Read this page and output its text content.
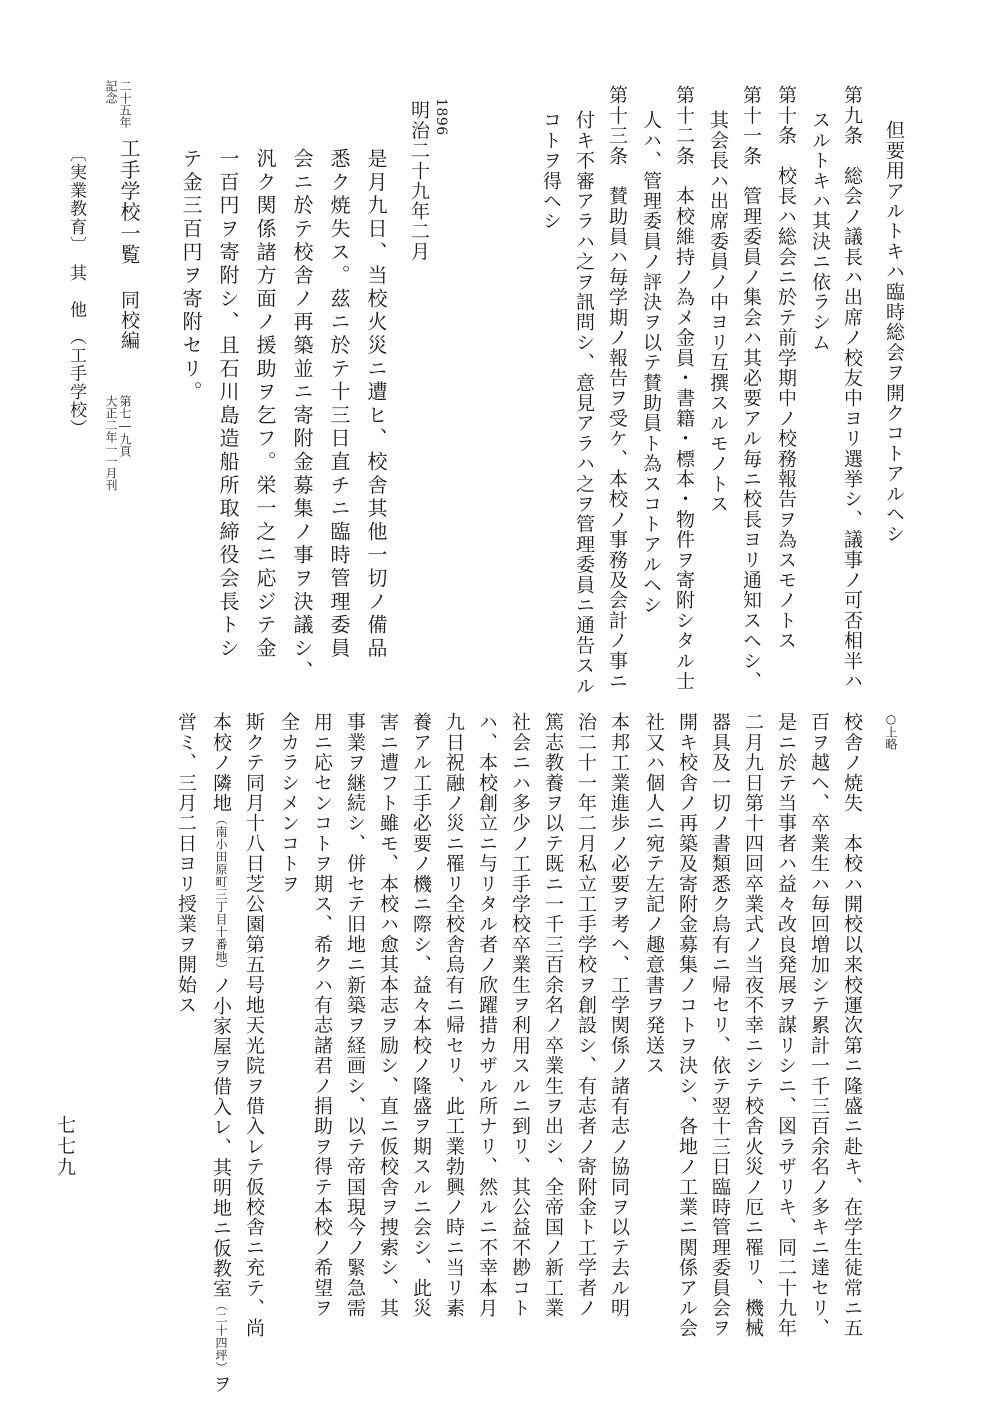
但要用アルトキハ臨時総会ヲ開クコトアルヘシ
第九条　総会ノ議長ハ出席ノ校友中ヨリ選挙シ、議事ノ可否相半ハ
スルトキハ其決ニ依ラシム
第十条　校長ハ総会ニ於テ前学期中ノ校務報告ヲ為スモノトス
第十一条　管理委員ノ集会ハ其必要アル毎ニ校長ヨリ通知スヘシ、
其会長ハ出席委員ノ中ヨリ互撰スルモノトス
第十二条　本校維持ノ為メ金員・書籍・標本・物件ヲ寄附シタル士
人ハ、管理委員ノ評決ヲ以テ賛助員ト為スコトアルヘシ
第十三条　賛助員ハ毎学期ノ報告ヲ受ケ、本校ノ事務及会計ノ事ニ
付キ不審アラハ之ヲ訊問シ、意見アラハ之ヲ管理委員ニ通告スル
コトヲ得ヘシ
1896
明治二十九年二月
是月九日、当校火災ニ遭ヒ、校舎其他一切ノ備品
悉ク焼失ス。茲ニ於テ十三日直チニ臨時管理委員
会ニ於テ校舎ノ再築並ニ寄附金募集ノ事ヲ決議シ、
汎ク関係諸方面ノ援助ヲ乞フ。栄一之ニ応ジテ金
一百円ヲ寄附シ、且石川島造船所取締役会長トシ
テ金三百円ヲ寄附セリ。
二十五年
記念
工手学校一覧
同校編
第七―九頁
大正二年一一月刊
〔実業教育〕　其　他　（工手学校）
○上略
校舎ノ焼失　本校ハ開校以来校運次第ニ隆盛ニ赴キ、在学生徒常ニ五
百ヲ越ヘ、卒業生ハ毎回増加シテ累計一千三百余名ノ多キニ達セリ、
是ニ於テ当事者ハ益々改良発展ヲ謀リシニ、図ラザリキ、同二十九年
二月九日第十四回卒業式ノ当夜不幸ニシテ校舎火災ノ厄ニ罹リ、機械
器具及一切ノ書類悉ク烏有ニ帰セリ、依テ翌十三日臨時管理委員会ヲ
開キ校舎ノ再築及寄附金募集ノコトヲ決シ、各地ノ工業ニ関係アル会
社又ハ個人ニ宛テ左記ノ趣意書ヲ発送ス
本邦工業進歩ノ必要ヲ考ヘ、工学関係ノ諸有志ノ協同ヲ以テ去ル明
治二十一年二月私立工手学校ヲ創設シ、有志者ノ寄附金ト工学者ノ
篤志教養ヲ以テ既ニ一千三百余名ノ卒業生ヲ出シ、全帝国ノ新工業
社会ニハ多少ノ工手学校卒業生ヲ利用スルニ到リ、其公益不尠コト
ハ、本校創立ニ与リタル者ノ欣躍措カザル所ナリ、然ルニ不幸本月
九日祝融ノ災ニ罹リ全校舎烏有ニ帰セリ、此工業勃興ノ時ニ当リ素
養アル工手必要ノ機ニ際シ、益々本校ノ隆盛ヲ期スルニ会シ、此災
害ニ遭フト雖モ、本校ハ愈其本志ヲ励シ、直ニ仮校舎ヲ捜索シ、其
事業ヲ継続シ、併セテ旧地ニ新築ヲ経画シ、以テ帝国現今ノ緊急需
用ニ応センコトヲ期ス、希クハ有志諸君ノ捐助ヲ得テ本校ノ希望ヲ
全カラシメンコトヲ
斯クテ同月十八日芝公園第五号地天光院ヲ借入レテ仮校舎ニ充テ、尚
本校ノ隣地（南小田原町三丁目十番地）ノ小家屋ヲ借入レ、其明地ニ仮教室（二十四坪）ヲ
営ミ、三月二日ヨリ授業ヲ開始ス
七七九
